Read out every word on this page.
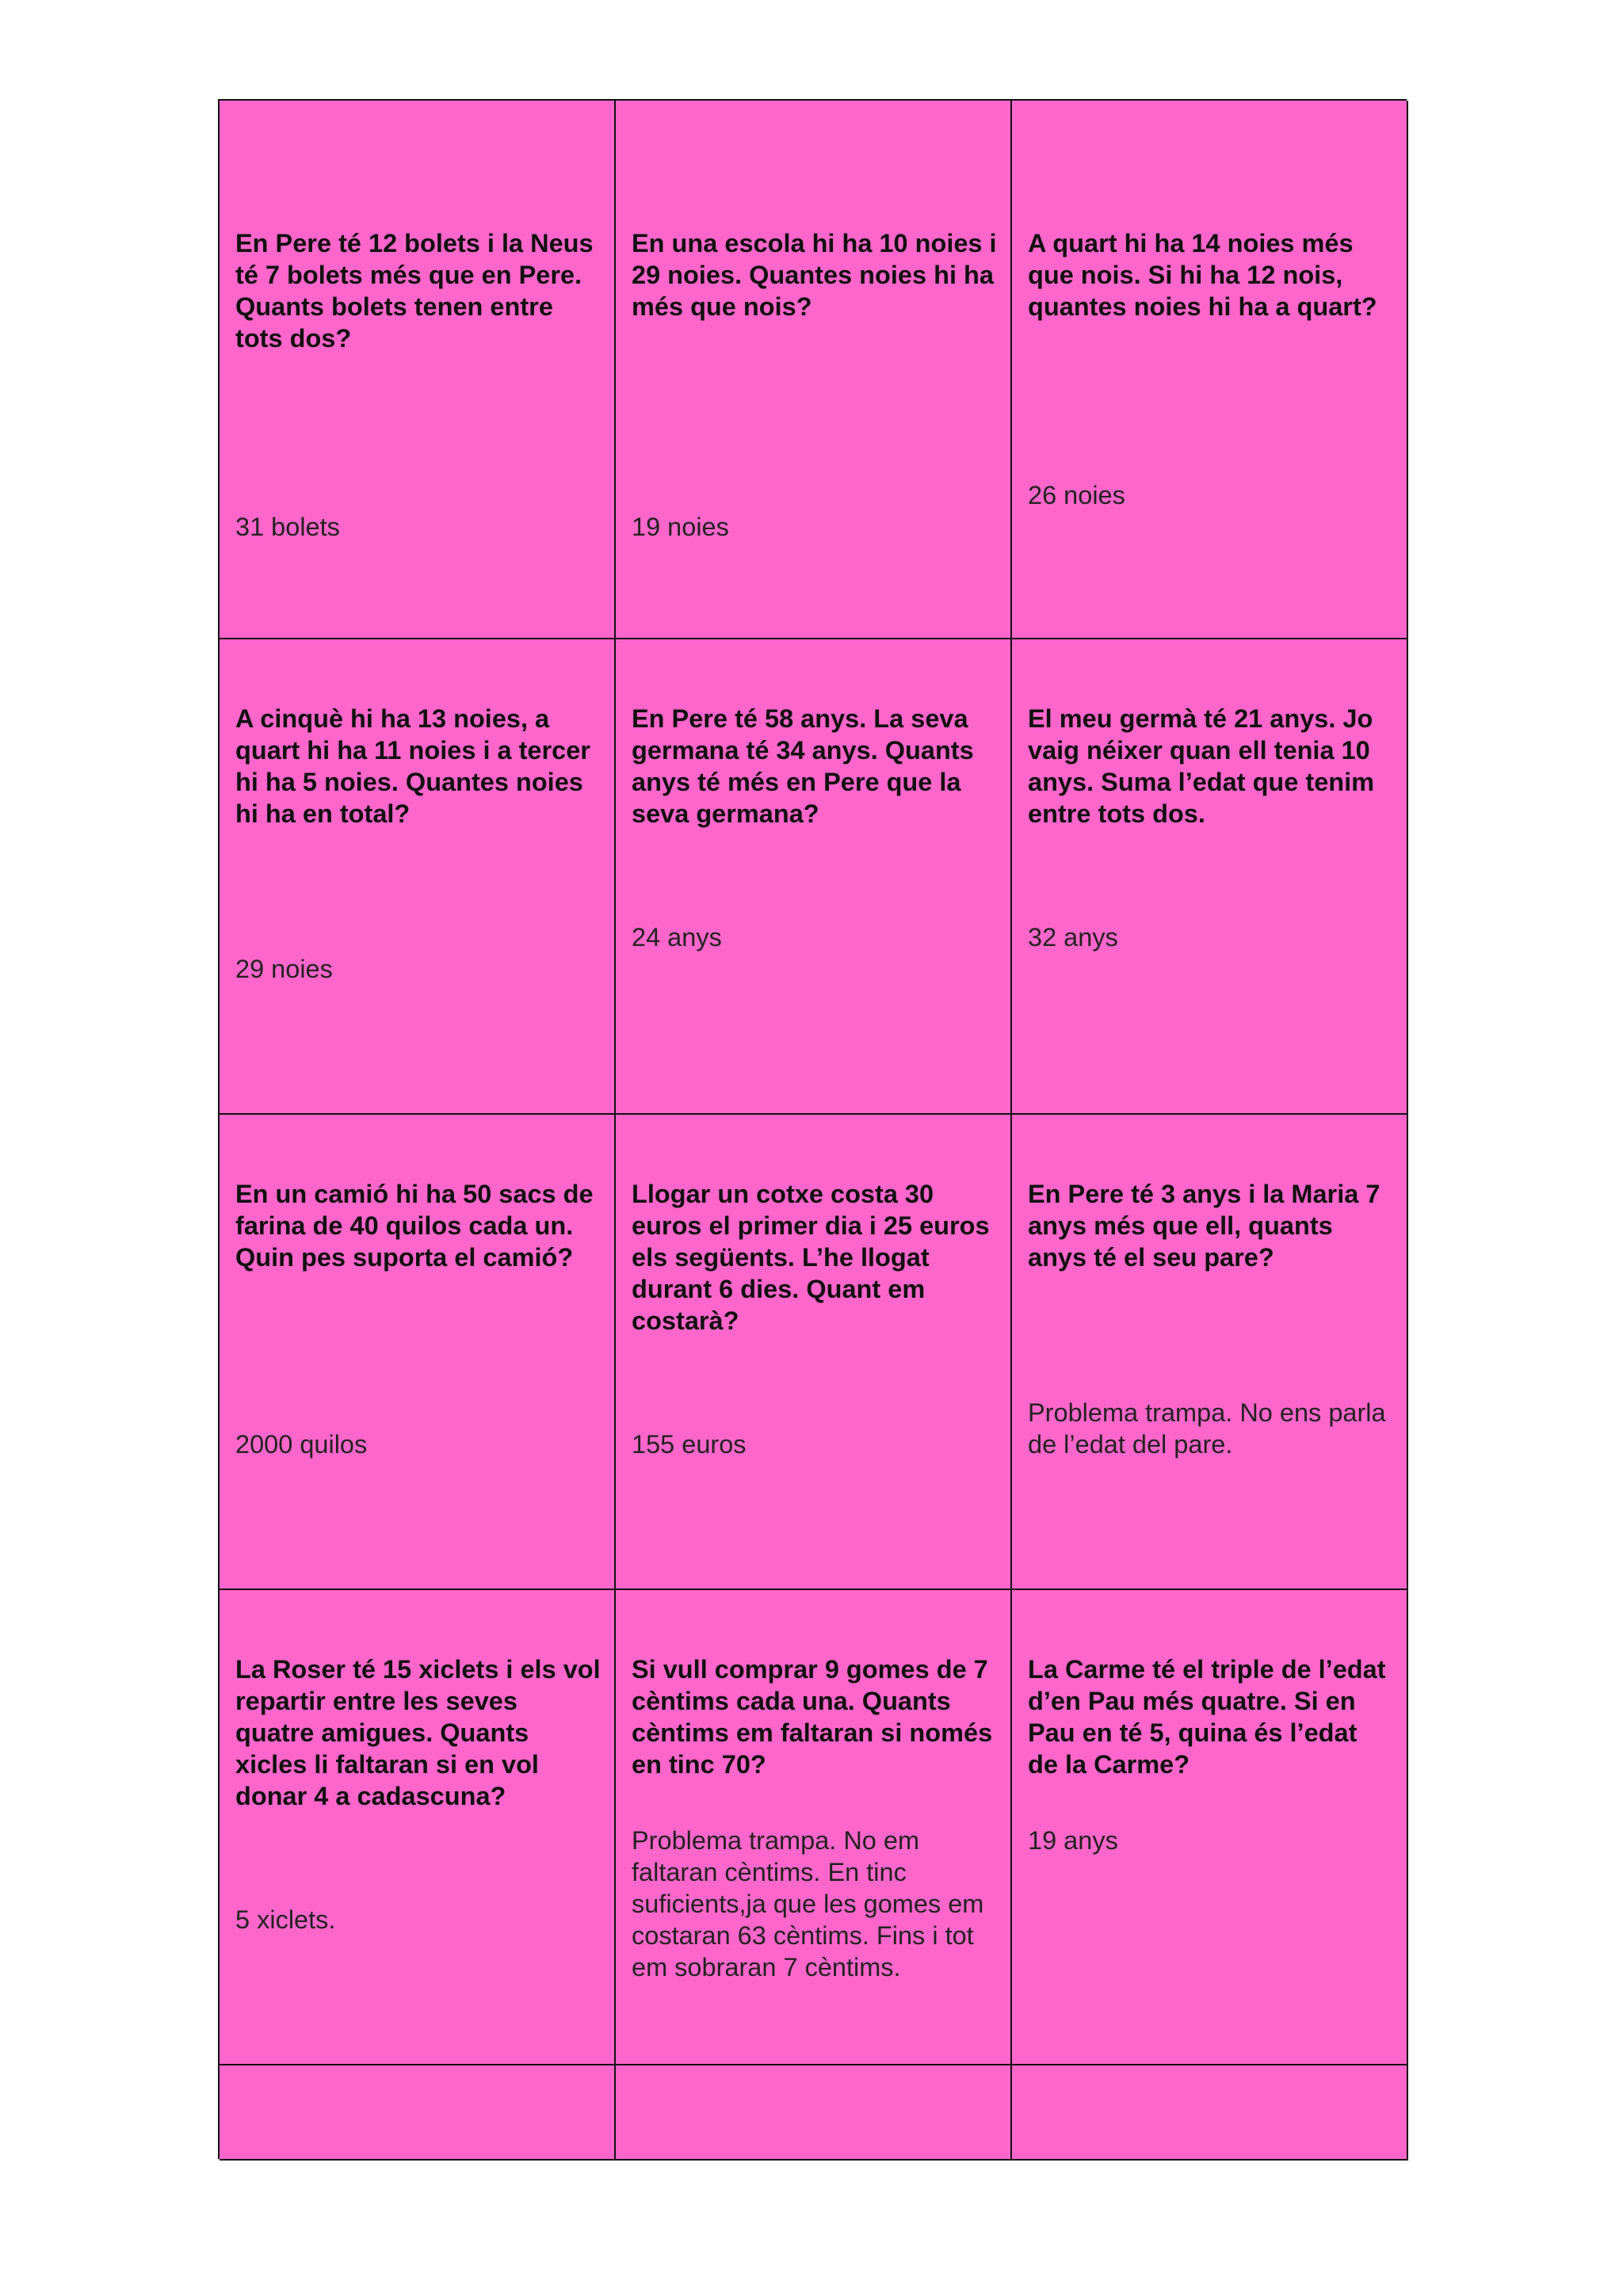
En Pere té 12 bolets i la Neus té 7 bolets més que en Pere. Quants bolets tenen entre tots dos?

31 bolets

En una escola hi ha 10 noies i 29 noies. Quantes noies hi ha més que nois?

19 noies

A quart hi ha 14 noies més que nois. Si hi ha 12 nois, quantes noies hi ha a quart?

26 noies

A cinquè hi ha 13 noies, a quart hi ha 11 noies i a tercer hi ha 5 noies. Quantes noies hi ha en total?

29 noies

En Pere té 58 anys. La seva germana té 34 anys. Quants anys té més en Pere que la seva germana?

24 anys

El meu germà té 21 anys. Jo vaig néixer quan ell tenia 10 anys. Suma l’edat que tenim entre tots dos.

32 anys

En un camió hi ha 50 sacs de farina de 40 quilos cada un. Quin pes suporta el camió?

2000 quilos

Llogar un cotxe costa 30 euros el primer dia i 25 euros els següents. L’he llogat durant 6 dies. Quant em costarà?

155 euros

En Pere té 3 anys i la Maria 7 anys més que ell, quants anys té el seu pare?

Problema trampa. No ens parla de l’edat del pare.

La Roser té 15 xiclets i els vol repartir entre les seves quatre amigues. Quants xicles li faltaran si en vol donar 4 a cadascuna?

5 xiclets.

Si vull comprar 9 gomes de 7 cèntims cada una. Quants cèntims em faltaran si només en tinc 70?

Problema trampa. No em faltaran cèntims. En tinc suficients,ja que les gomes em costaran 63 cèntims. Fins i tot em sobraran 7 cèntims.

La Carme té el triple de l’edat d’en Pau més quatre. Si en Pau en té 5, quina és l’edat de la Carme?

19 anys
